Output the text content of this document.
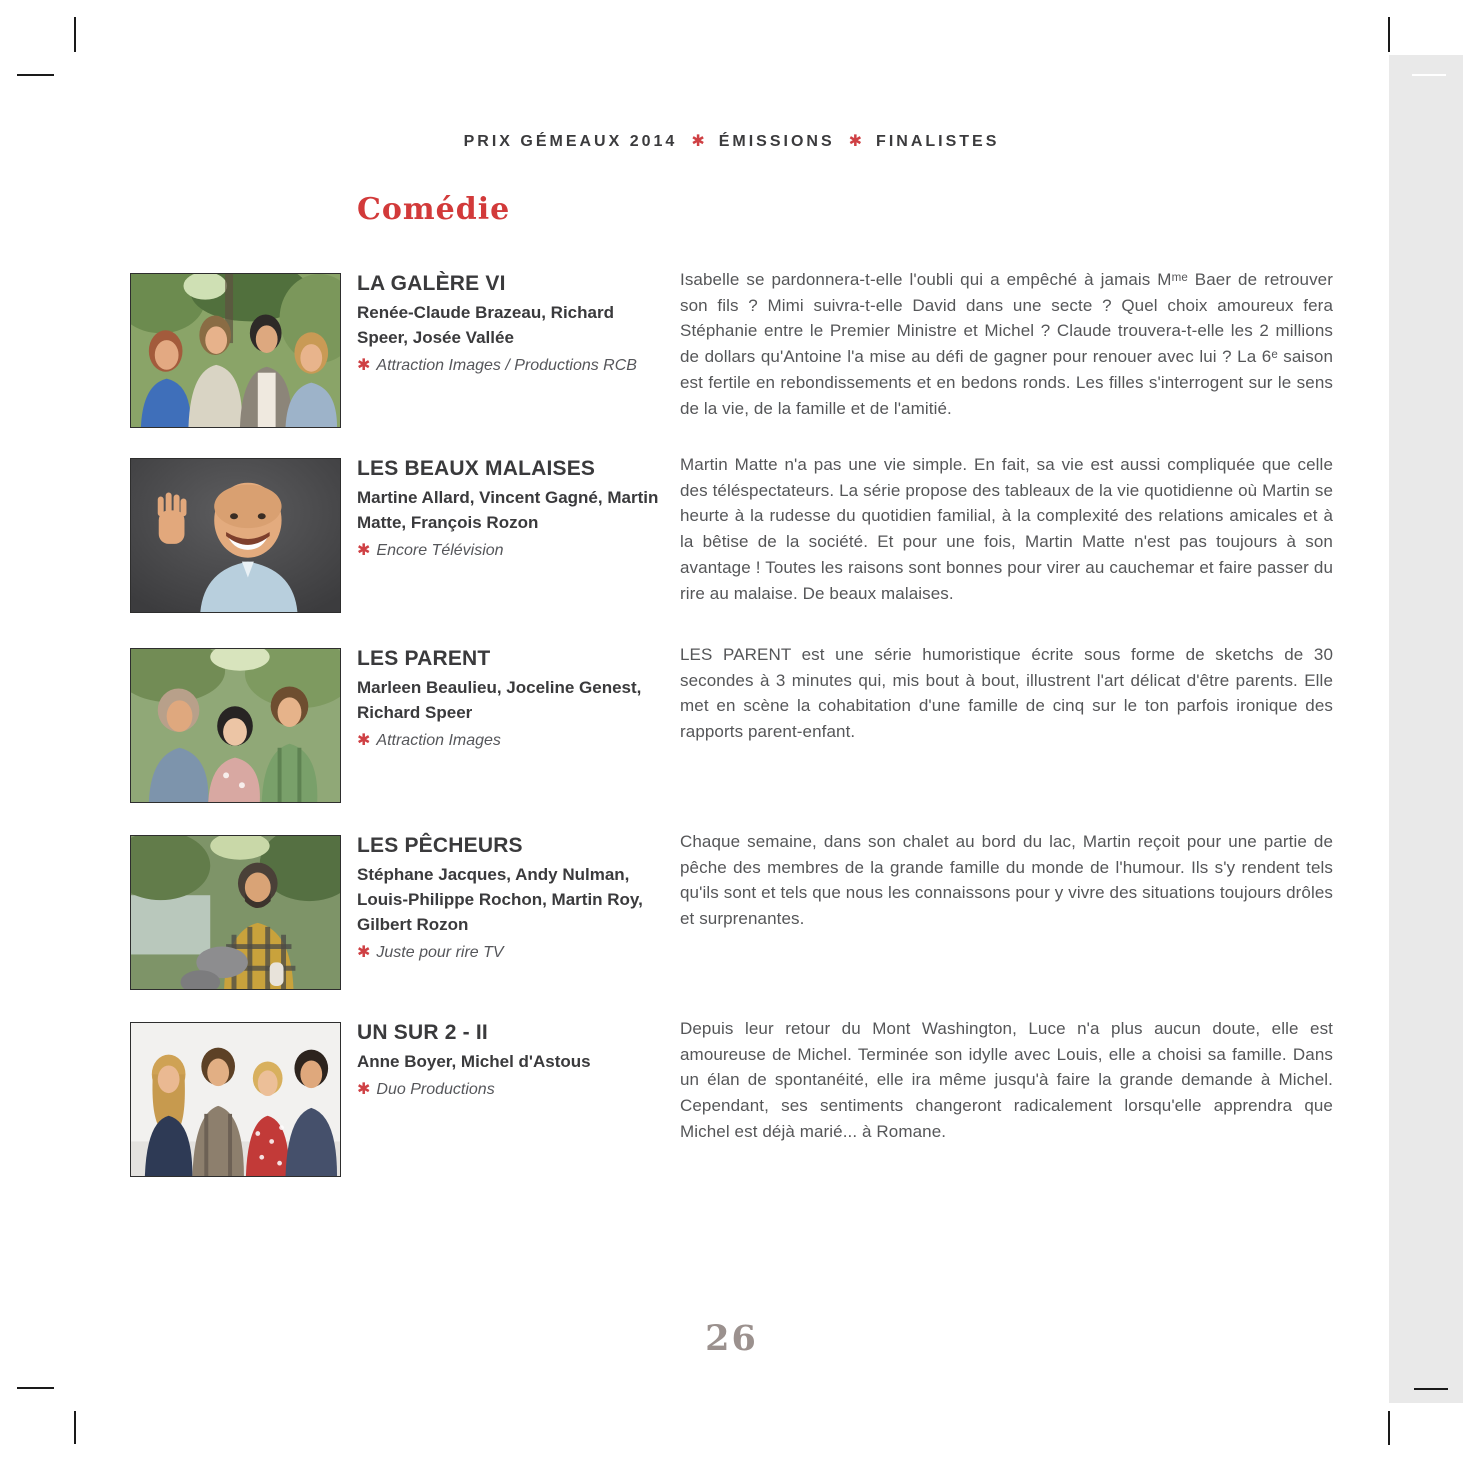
PRIX GÉMEAUX 2014 ✱ ÉMISSIONS ✱ FINALISTES
Comédie
LA GALÈRE VI

Renée-Claude Brazeau, Richard Speer, Josée Vallée

✱ Attraction Images / Productions RCB

Isabelle se pardonnera-t-elle l'oubli qui a empêché à jamais Mᵐᵉ Baer de retrouver son fils ? Mimi suivra-t-elle David dans une secte ? Quel choix amoureux fera Stéphanie entre le Premier Ministre et Michel ? Claude trouvera-t-elle les 2 millions de dollars qu'Antoine l'a mise au défi de gagner pour renouer avec lui ? La 6ᵉ saison est fertile en rebondissements et en bedons ronds. Les filles s'interrogent sur le sens de la vie, de la famille et de l'amitié.

LES BEAUX MALAISES

Martine Allard, Vincent Gagné, Martin Matte, François Rozon

✱ Encore Télévision

Martin Matte n'a pas une vie simple. En fait, sa vie est aussi compliquée que celle des téléspectateurs. La série propose des tableaux de la vie quotidienne où Martin se heurte à la rudesse du quotidien familial, à la complexité des relations amicales et à la bêtise de la société. Et pour une fois, Martin Matte n'est pas toujours à son avantage ! Toutes les raisons sont bonnes pour virer au cauchemar et faire passer du rire au malaise. De beaux malaises.

LES PARENT

Marleen Beaulieu, Joceline Genest, Richard Speer

✱ Attraction Images

LES PARENT est une série humoristique écrite sous forme de sketchs de 30 secondes à 3 minutes qui, mis bout à bout, illustrent l'art délicat d'être parents. Elle met en scène la cohabitation d'une famille de cinq sur le ton parfois ironique des rapports parent-enfant.

LES PÊCHEURS

Stéphane Jacques, Andy Nulman, Louis-Philippe Rochon, Martin Roy, Gilbert Rozon

✱ Juste pour rire TV

Chaque semaine, dans son chalet au bord du lac, Martin reçoit pour une partie de pêche des membres de la grande famille du monde de l'humour. Ils s'y rendent tels qu'ils sont et tels que nous les connaissons pour y vivre des situations toujours drôles et surprenantes.

UN SUR 2 - II

Anne Boyer, Michel d'Astous

✱ Duo Productions

Depuis leur retour du Mont Washington, Luce n'a plus aucun doute, elle est amoureuse de Michel. Terminée son idylle avec Louis, elle a choisi sa famille. Dans un élan de spontanéité, elle ira même jusqu'à faire la grande demande à Michel. Cependant, ses sentiments changeront radicalement lorsqu'elle apprendra que Michel est déjà marié... à Romane.

26
